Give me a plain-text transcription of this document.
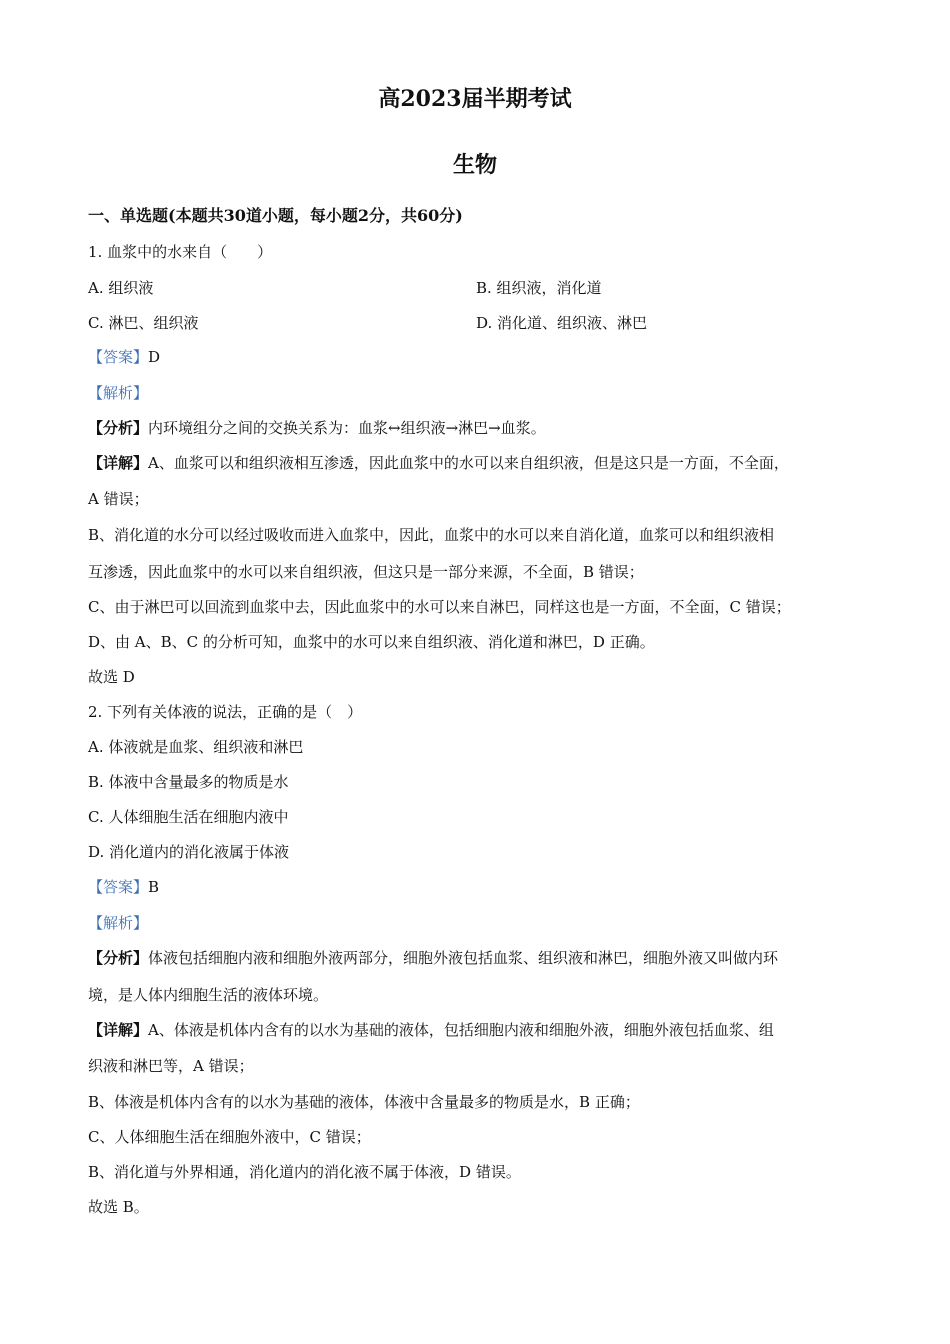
高2023届半期考试
生物
一、单选题(本题共30道小题，每小题2分，共60分)
1. 血浆中的水来自（　　）
A. 组织液	B. 组织液，消化道
C. 淋巴、组织液	D. 消化道、组织液、淋巴
【答案】D
【解析】
【分析】内环境组分之间的交换关系为：血浆↔组织液→淋巴→血浆。
【详解】A、血浆可以和组织液相互渗透，因此血浆中的水可以来自组织液，但是这只是一方面，不全面，
A 错误；
B、消化道的水分可以经过吸收而进入血浆中，因此，血浆中的水可以来自消化道，血浆可以和组织液相
互渗透，因此血浆中的水可以来自组织液，但这只是一部分来源，不全面，B 错误；
C、由于淋巴可以回流到血浆中去，因此血浆中的水可以来自淋巴，同样这也是一方面，不全面，C 错误；
D、由 A、B、C 的分析可知，血浆中的水可以来自组织液、消化道和淋巴，D 正确。
故选 D
2. 下列有关体液的说法，正确的是（　）
A. 体液就是血浆、组织液和淋巴
B. 体液中含量最多的物质是水
C. 人体细胞生活在细胞内液中
D. 消化道内的消化液属于体液
【答案】B
【解析】
【分析】体液包括细胞内液和细胞外液两部分，细胞外液包括血浆、组织液和淋巴，细胞外液又叫做内环
境，是人体内细胞生活的液体环境。
【详解】A、体液是机体内含有的以水为基础的液体，包括细胞内液和细胞外液，细胞外液包括血浆、组
织液和淋巴等，A 错误；
B、体液是机体内含有的以水为基础的液体，体液中含量最多的物质是水，B 正确；
C、人体细胞生活在细胞外液中，C 错误；
B、消化道与外界相通，消化道内的消化液不属于体液，D 错误。
故选 B。
